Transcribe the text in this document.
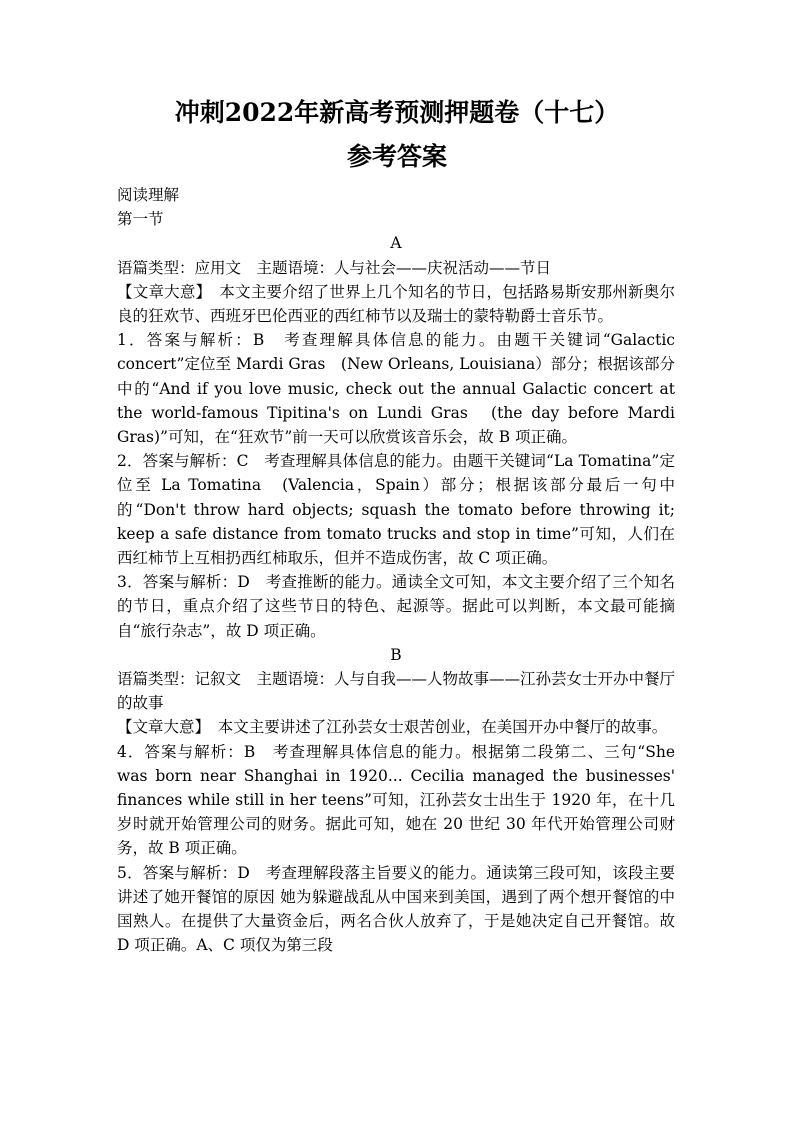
冲刺2022年新高考预测押题卷（十七）
参考答案

阅读理解

第一节

A

语篇类型：应用文　主题语境：人与社会——庆祝活动——节日

【文章大意】　本文主要介绍了世界上几个知名的节日，包括路易斯安那州新奥尔良的狂欢节、西班牙巴伦西亚的西红柿节以及瑞士的蒙特勒爵士音乐节。

1．答案与解析：B　考查理解具体信息的能力。由题干关键词“Galactic concert”定位至 Mardi Gras　(New Orleans, Louisiana）部分；根据该部分中的“And if you love music, check out the annual Galactic concert at the world-famous Tipitina's on Lundi Gras　(the day before Mardi Gras)”可知，在“狂欢节”前一天可以欣赏该音乐会，故 B 项正确。

2．答案与解析：C　考查理解具体信息的能力。由题干关键词“La Tomatina”定位至 La Tomatina　(Valencia，Spain）部分；根据该部分最后一句中的“Don't throw hard objects; squash the tomato before throwing it; keep a safe distance from tomato trucks and stop in time”可知，人们在西红柿节上互相扔西红柿取乐，但并不造成伤害，故 C 项正确。

3．答案与解析：D　考查推断的能力。通读全文可知，本文主要介绍了三个知名的节日，重点介绍了这些节日的特色、起源等。据此可以判断，本文最可能摘自“旅行杂志”，故 D 项正确。

B

语篇类型：记叙文　主题语境：人与自我——人物故事——江孙芸女士开办中餐厅的故事

【文章大意】　本文主要讲述了江孙芸女士艰苦创业，在美国开办中餐厅的故事。

4．答案与解析：B　考查理解具体信息的能力。根据第二段第二、三句“She was born near Shanghai in 1920... Cecilia managed the businesses' finances while still in her teens”可知，江孙芸女士出生于 1920 年，在十几岁时就开始管理公司的财务。据此可知，她在 20 世纪 30 年代开始管理公司财务，故 B 项正确。

5．答案与解析：D　考查理解段落主旨要义的能力。通读第三段可知，该段主要讲述了她开餐馆的原因 她为躲避战乱从中国来到美国，遇到了两个想开餐馆的中国熟人。在提供了大量资金后，两名合伙人放弃了，于是她决定自己开餐馆。故 D 项正确。A、C 项仅为第三段
